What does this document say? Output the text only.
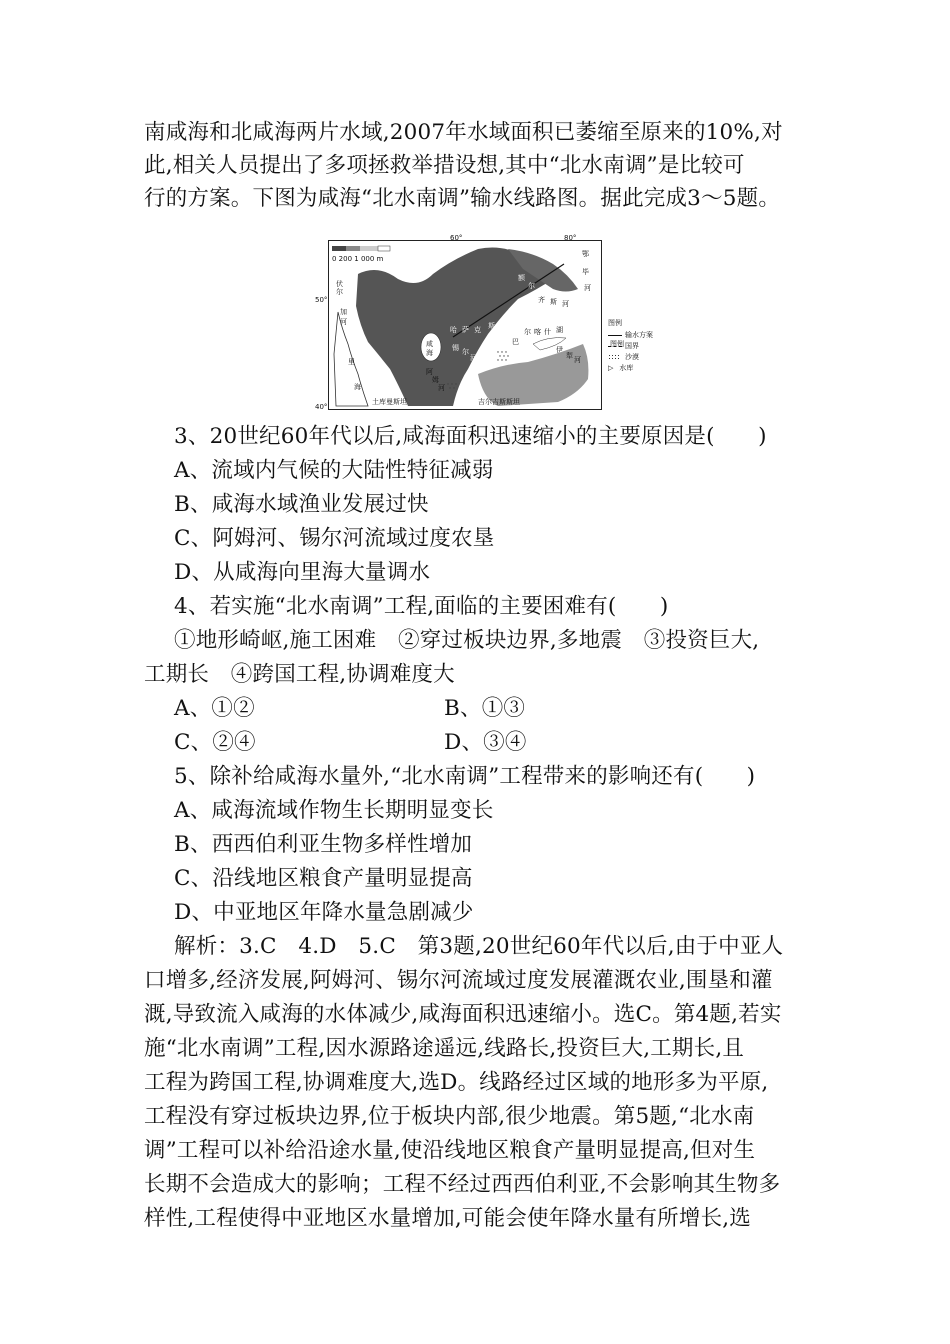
南咸海和北咸海两片水域,2007年水域面积已萎缩至原来的10%,对
此,相关人员提出了多项拯救举措设想,其中“北水南调”是比较可
行的方案。下图为咸海“北水南调”输水线路图。据此完成3～5题。
0 200 1 000 m
60°	80°
50°
40°
伏
尔
加
河
里
海
咸
海
哈 萨 克 斯 坦
锡 尔
河
阿
姆
河
巴
尔 喀 什 湖
伊
犁 河
额
尔
齐 斯 河
鄂
毕
河
土库曼斯坦	吉尔吉斯斯坦
图例
输水方案
国界
沙漠
▷ 水库
图例
3、20世纪60年代以后,咸海面积迅速缩小的主要原因是(　　)
A、流域内气候的大陆性特征减弱
B、咸海水域渔业发展过快
C、阿姆河、锡尔河流域过度农垦
D、从咸海向里海大量调水
4、若实施“北水南调”工程,面临的主要困难有(　　)
①地形崎岖,施工困难　②穿过板块边界,多地震　③投资巨大,
工期长　④跨国工程,协调难度大
A、①②	B、①③
C、②④	D、③④
5、除补给咸海水量外,“北水南调”工程带来的影响还有(　　)
A、咸海流域作物生长期明显变长
B、西西伯利亚生物多样性增加
C、沿线地区粮食产量明显提高
D、中亚地区年降水量急剧减少
解析：3.C　4.D　5.C　第3题,20世纪60年代以后,由于中亚人
口增多,经济发展,阿姆河、锡尔河流域过度发展灌溉农业,围垦和灌
溉,导致流入咸海的水体减少,咸海面积迅速缩小。选C。第4题,若实
施“北水南调”工程,因水源路途遥远,线路长,投资巨大,工期长,且
工程为跨国工程,协调难度大,选D。线路经过区域的地形多为平原,
工程没有穿过板块边界,位于板块内部,很少地震。第5题,“北水南
调”工程可以补给沿途水量,使沿线地区粮食产量明显提高,但对生
长期不会造成大的影响；工程不经过西西伯利亚,不会影响其生物多
样性,工程使得中亚地区水量增加,可能会使年降水量有所增长,选
